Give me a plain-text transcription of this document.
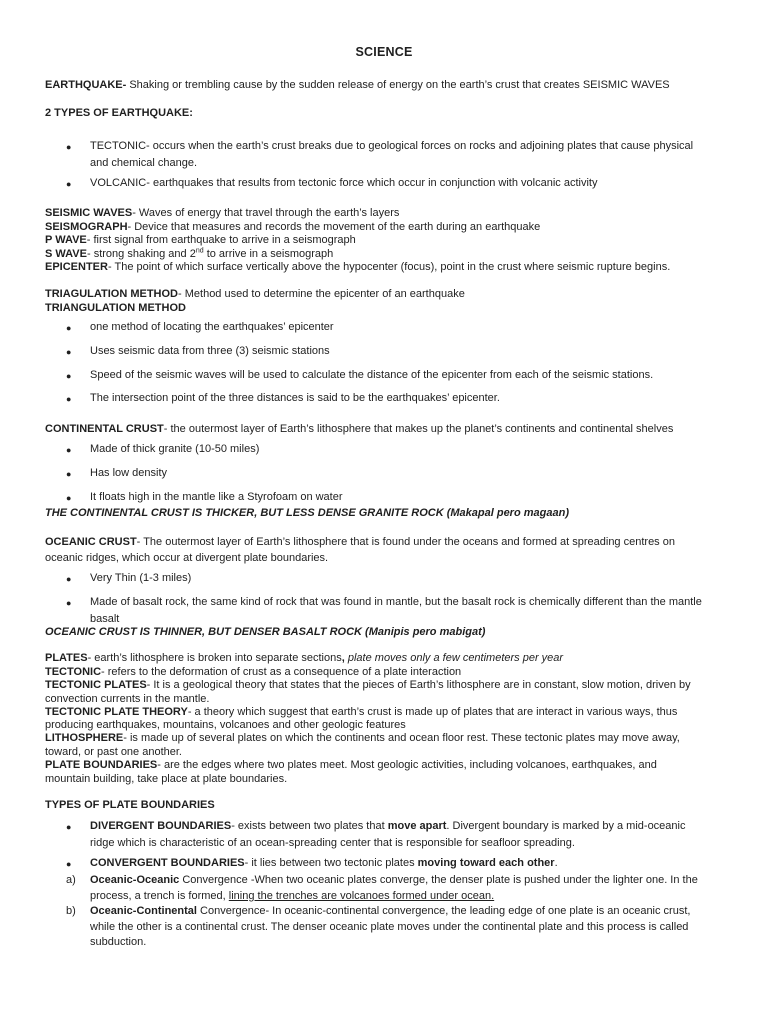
SCIENCE
EARTHQUAKE- Shaking or trembling cause by the sudden release of energy on the earth’s crust that creates SEISMIC WAVES
2 TYPES OF EARTHQUAKE:
●	TECTONIC- occurs when the earth’s crust breaks due to geological forces on rocks and adjoining plates that cause physical
and chemical change.
●	VOLCANIC- earthquakes that results from tectonic force which occur in conjunction with volcanic activity
SEISMIC WAVES- Waves of energy that travel through the earth’s layers
SEISMOGRAPH- Device that measures and records the movement of the earth during an earthquake
P WAVE- first signal from earthquake to arrive in a seismograph
S WAVE- strong shaking and 2nd to arrive in a seismograph
EPICENTER- The point of which surface vertically above the hypocenter (focus), point in the crust where seismic rupture begins.
TRIAGULATION METHOD- Method used to determine the epicenter of an earthquake
TRIANGULATION METHOD
●	one method of locating the earthquakes’ epicenter
●	Uses seismic data from three (3) seismic stations
●	Speed of the seismic waves will be used to calculate the distance of the epicenter from each of the seismic stations.
●	The intersection point of the three distances is said to be the earthquakes’ epicenter.
CONTINENTAL CRUST- the outermost layer of Earth’s lithosphere that makes up the planet’s continents and continental shelves
●	Made of thick granite (10-50 miles)
●	Has low density
●	It floats high in the mantle like a Styrofoam on water
THE CONTINENTAL CRUST IS THICKER, BUT LESS DENSE GRANITE ROCK (Makapal pero magaan)
OCEANIC CRUST- The outermost layer of Earth’s lithosphere that is found under the oceans and formed at spreading centres on
oceanic ridges, which occur at divergent plate boundaries.
●	Very Thin (1-3 miles)
●	Made of basalt rock, the same kind of rock that was found in mantle, but the basalt rock is chemically different than the mantle
basalt
OCEANIC CRUST IS THINNER, BUT DENSER BASALT ROCK (Manipis pero mabigat)
PLATES- earth’s lithosphere is broken into separate sections, plate moves only a few centimeters per year
TECTONIC- refers to the deformation of crust as a consequence of a plate interaction
TECTONIC PLATES- It is a geological theory that states that the pieces of Earth’s lithosphere are in constant, slow motion, driven by
convection currents in the mantle.
TECTONIC PLATE THEORY- a theory which suggest that earth’s crust is made up of plates that are interact in various ways, thus
producing earthquakes, mountains, volcanoes and other geologic features
LITHOSPHERE- is made up of several plates on which the continents and ocean floor rest. These tectonic plates may move away,
toward, or past one another.
PLATE BOUNDARIES- are the edges where two plates meet. Most geologic activities, including volcanoes, earthquakes, and
mountain building, take place at plate boundaries.
TYPES OF PLATE BOUNDARIES
●	DIVERGENT BOUNDARIES- exists between two plates that move apart. Divergent boundary is marked by a mid-oceanic
ridge which is characteristic of an ocean-spreading center that is responsible for seafloor spreading.
●	CONVERGENT BOUNDARIES- it lies between two tectonic plates moving toward each other.
a) Oceanic-Oceanic Convergence -When two oceanic plates converge, the denser plate is pushed under the lighter one. In the
process, a trench is formed, lining the trenches are volcanoes formed under ocean.
b) Oceanic-Continental Convergence- In oceanic-continental convergence, the leading edge of one plate is an oceanic crust,
while the other is a continental crust. The denser oceanic plate moves under the continental plate and this process is called
subduction.
